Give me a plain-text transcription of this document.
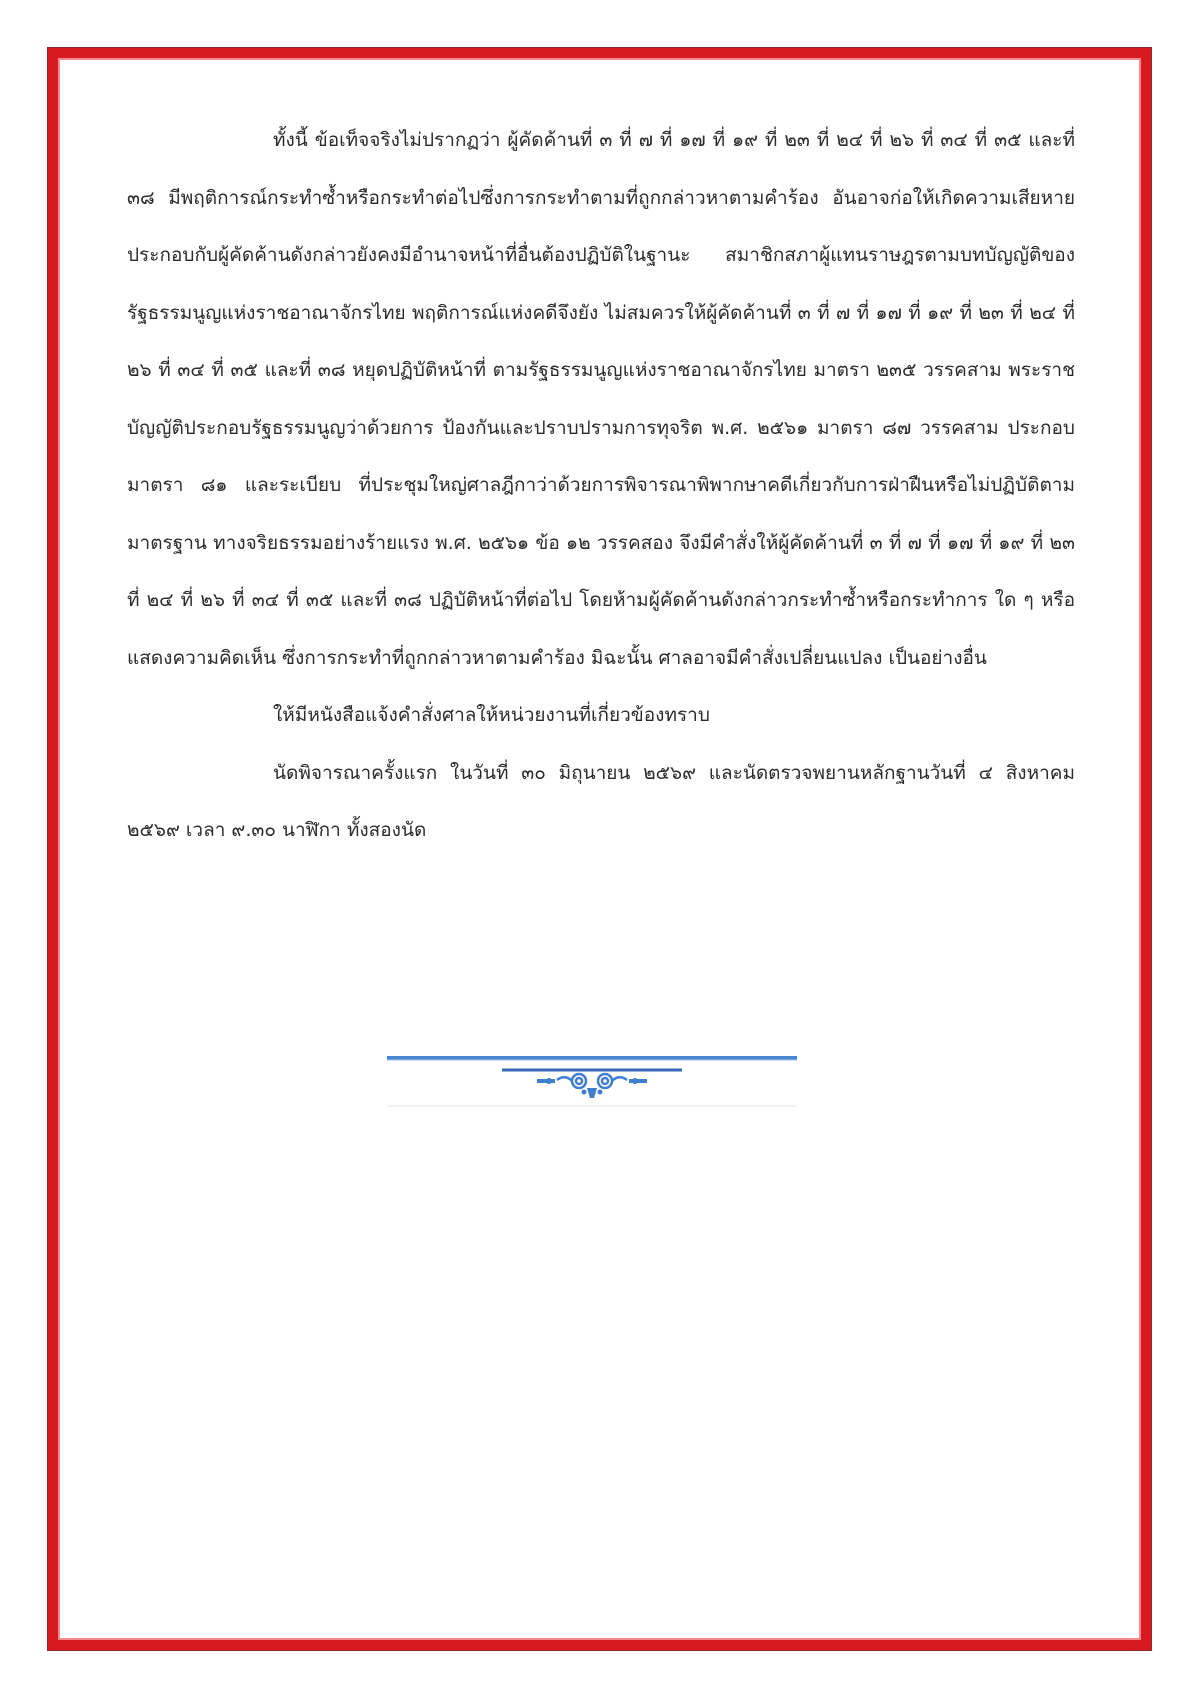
ทั้งนี้ ข้อเท็จจริงไม่ปรากฏว่า ผู้คัดค้านที่ ๓ ที่ ๗ ที่ ๑๗ ที่ ๑๙ ที่ ๒๓ ที่ ๒๔ ที่ ๒๖ ที่ ๓๔ ที่ ๓๕ และที่ ๓๘ มีพฤติการณ์กระทำซ้ำหรือกระทำต่อไปซึ่งการกระทำตามที่ถูกกล่าวหาตามคำร้อง อันอาจก่อให้เกิดความเสียหาย ประกอบกับผู้คัดค้านดังกล่าวยังคงมีอำนาจหน้าที่อื่นต้องปฏิบัติในฐานะ สมาชิกสภาผู้แทนราษฎรตามบทบัญญัติของรัฐธรรมนูญแห่งราชอาณาจักรไทย พฤติการณ์แห่งคดีจึงยัง ไม่สมควรให้ผู้คัดค้านที่ ๓ ที่ ๗ ที่ ๑๗ ที่ ๑๙ ที่ ๒๓ ที่ ๒๔ ที่ ๒๖ ที่ ๓๔ ที่ ๓๕ และที่ ๓๘ หยุดปฏิบัติหน้าที่ ตามรัฐธรรมนูญแห่งราชอาณาจักรไทย มาตรา ๒๓๕ วรรคสาม พระราชบัญญัติประกอบรัฐธรรมนูญว่าด้วยการ ป้องกันและปราบปรามการทุจริต พ.ศ. ๒๕๖๑ มาตรา ๘๗ วรรคสาม ประกอบมาตรา ๘๑ และระเบียบ ที่ประชุมใหญ่ศาลฎีกาว่าด้วยการพิจารณาพิพากษาคดีเกี่ยวกับการฝ่าฝืนหรือไม่ปฏิบัติตามมาตรฐาน ทางจริยธรรมอย่างร้ายแรง พ.ศ. ๒๕๖๑ ข้อ ๑๒ วรรคสอง จึงมีคำสั่งให้ผู้คัดค้านที่ ๓ ที่ ๗ ที่ ๑๗ ที่ ๑๙ ที่ ๒๓ ที่ ๒๔ ที่ ๒๖ ที่ ๓๔ ที่ ๓๕ และที่ ๓๘ ปฏิบัติหน้าที่ต่อไป โดยห้ามผู้คัดค้านดังกล่าวกระทำซ้ำหรือกระทำการ ใด ๆ หรือแสดงความคิดเห็น ซึ่งการกระทำที่ถูกกล่าวหาตามคำร้อง มิฉะนั้น ศาลอาจมีคำสั่งเปลี่ยนแปลง เป็นอย่างอื่น

ให้มีหนังสือแจ้งคำสั่งศาลให้หน่วยงานที่เกี่ยวข้องทราบ

นัดพิจารณาครั้งแรก ในวันที่ ๓๐ มิถุนายน ๒๕๖๙ และนัดตรวจพยานหลักฐานวันที่ ๔ สิงหาคม ๒๕๖๙ เวลา ๙.๓๐ นาฬิกา ทั้งสองนัด
